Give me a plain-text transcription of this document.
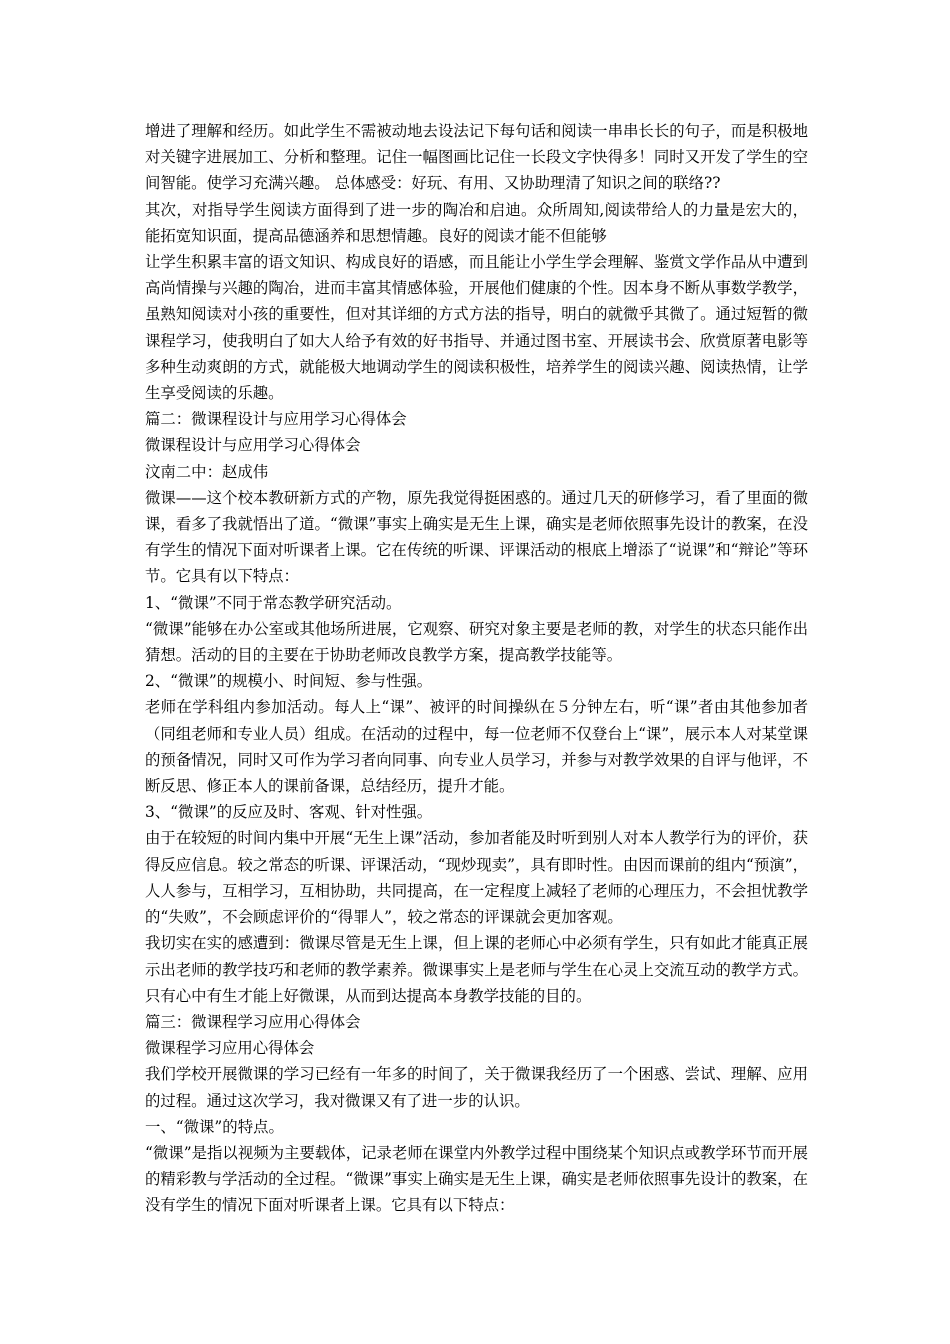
增进了理解和经历。如此学生不需被动地去设法记下每句话和阅读一串串长长的句子，而是积极地对关键字进展加工、分析和整理。记住一幅图画比记住一长段文字快得多！同时又开发了学生的空间智能。使学习充满兴趣。 总体感受：好玩、有用、又协助理清了知识之间的联络??

其次，对指导学生阅读方面得到了进一步的陶冶和启迪。众所周知,阅读带给人的力量是宏大的，能拓宽知识面，提高品德涵养和思想情趣。良好的阅读才能不但能够

让学生积累丰富的语文知识、构成良好的语感，而且能让小学生学会理解、鉴赏文学作品从中遭到高尚情操与兴趣的陶冶，进而丰富其情感体验，开展他们健康的个性。因本身不断从事数学教学，虽熟知阅读对小孩的重要性，但对其详细的方式方法的指导，明白的就微乎其微了。通过短暂的微课程学习，使我明白了如大人给予有效的好书指导、并通过图书室、开展读书会、欣赏原著电影等多种生动爽朗的方式，就能极大地调动学生的阅读积极性，培养学生的阅读兴趣、阅读热情，让学生享受阅读的乐趣。

篇二：微课程设计与应用学习心得体会

微课程设计与应用学习心得体会

汶南二中：赵成伟

微课——这个校本教研新方式的产物，原先我觉得挺困惑的。通过几天的研修学习，看了里面的微课，看多了我就悟出了道。“微课”事实上确实是无生上课，确实是老师依照事先设计的教案，在没有学生的情况下面对听课者上课。它在传统的听课、评课活动的根底上增添了“说课”和“辩论”等环节。它具有以下特点：

1、“微课”不同于常态教学研究活动。

“微课”能够在办公室或其他场所进展，它观察、研究对象主要是老师的教，对学生的状态只能作出猜想。活动的目的主要在于协助老师改良教学方案，提高教学技能等。

2、“微课”的规模小、时间短、参与性强。

老师在学科组内参加活动。每人上“课”、被评的时间操纵在５分钟左右，听“课”者由其他参加者（同组老师和专业人员）组成。在活动的过程中，每一位老师不仅登台上“课”，展示本人对某堂课的预备情况，同时又可作为学习者向同事、向专业人员学习，并参与对教学效果的自评与他评，不断反思、修正本人的课前备课，总结经历，提升才能。

3、“微课”的反应及时、客观、针对性强。

由于在较短的时间内集中开展“无生上课”活动，参加者能及时听到别人对本人教学行为的评价，获得反应信息。较之常态的听课、评课活动，“现炒现卖”，具有即时性。由因而课前的组内“预演”，人人参与，互相学习，互相协助，共同提高，在一定程度上减轻了老师的心理压力，不会担忧教学的“失败”，不会顾虑评价的“得罪人”，较之常态的评课就会更加客观。

我切实在实的感遭到：微课尽管是无生上课，但上课的老师心中必须有学生，只有如此才能真正展示出老师的教学技巧和老师的教学素养。微课事实上是老师与学生在心灵上交流互动的教学方式。只有心中有生才能上好微课，从而到达提高本身教学技能的目的。

篇三：微课程学习应用心得体会

微课程学习应用心得体会

我们学校开展微课的学习已经有一年多的时间了，关于微课我经历了一个困惑、尝试、理解、应用的过程。通过这次学习，我对微课又有了进一步的认识。

一、“微课”的特点。

“微课”是指以视频为主要载体，记录老师在课堂内外教学过程中围绕某个知识点或教学环节而开展的精彩教与学活动的全过程。“微课”事实上确实是无生上课，确实是老师依照事先设计的教案，在没有学生的情况下面对听课者上课。它具有以下特点：
